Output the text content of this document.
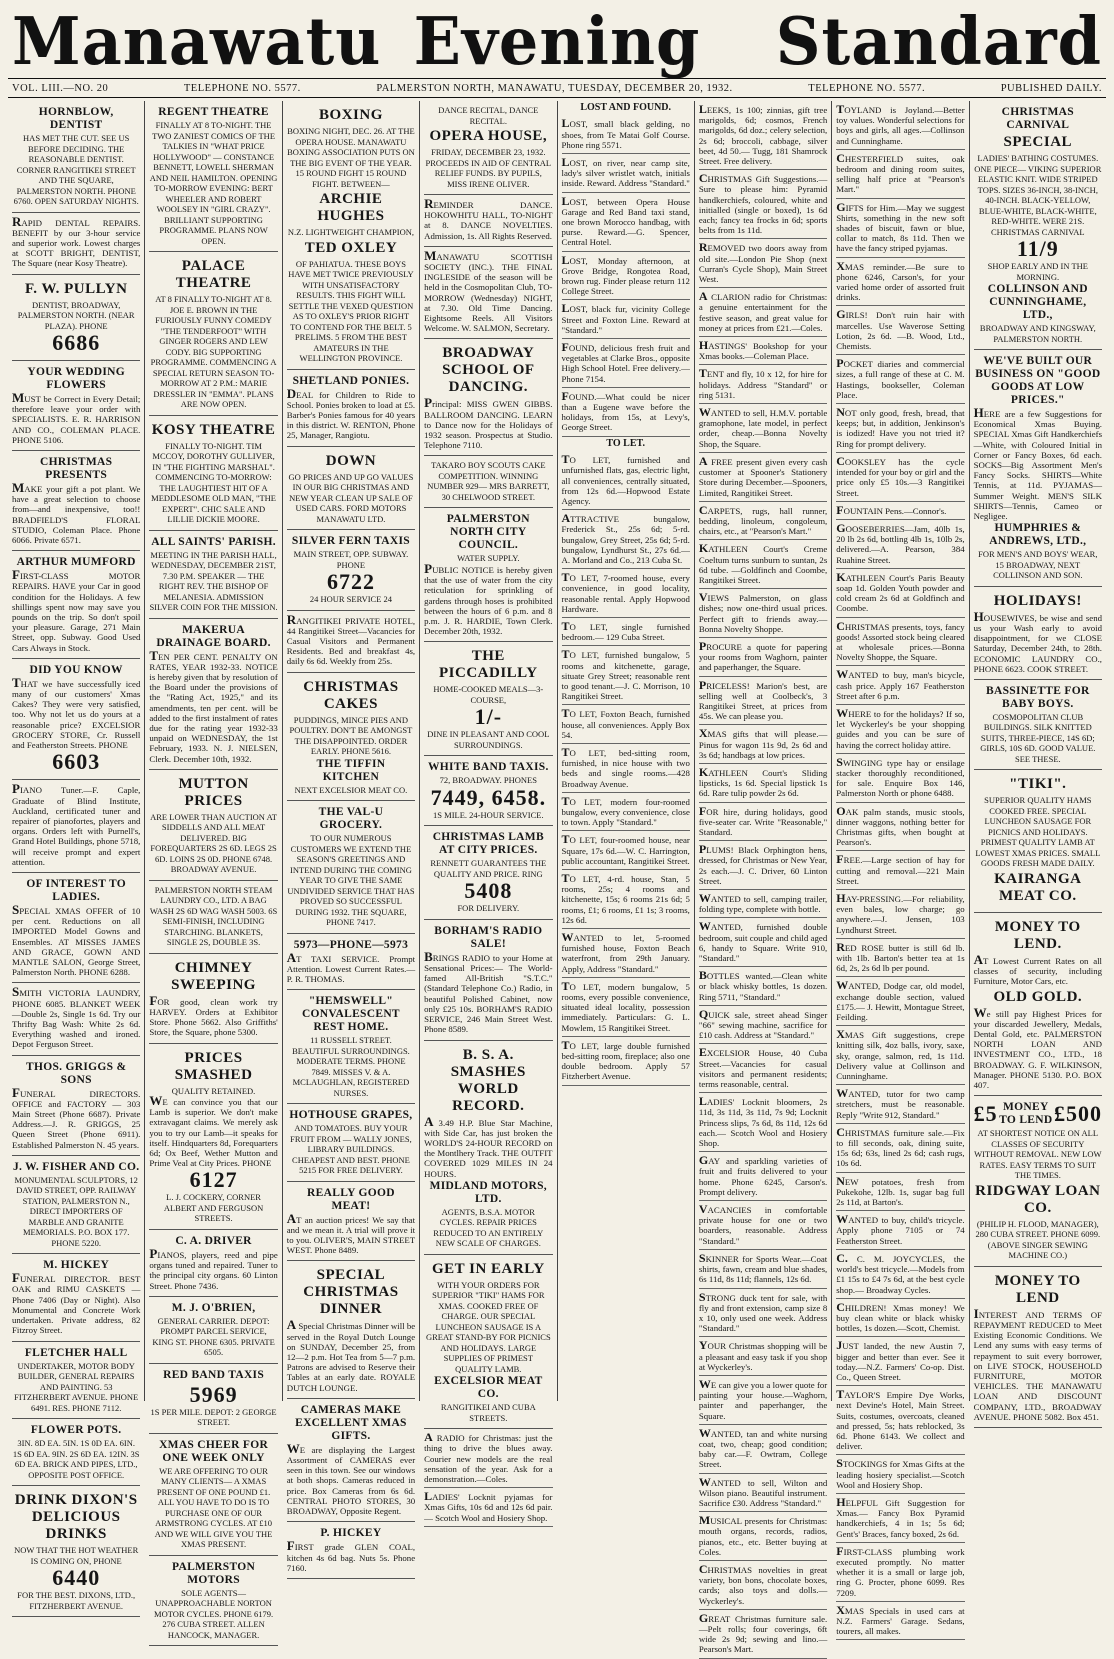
Manawatu Evening Standard
VOL. LIII.—NO. 20	TELEPHONE NO. 5577.	PALMERSTON NORTH, MANAWATU, TUESDAY, DECEMBER 20, 1932.	TELEPHONE NO. 5577.	PUBLISHED DAILY.
HORNBLOW, DENTIST
HAS MET THE CUT. SEE US BEFORE DECIDING. THE REASONABLE DENTIST. CORNER RANGITIKEI STREET AND THE SQUARE, PALMERSTON NORTH. PHONE 6760. OPEN SATURDAY NIGHTS.
RAPID DENTAL REPAIRS. BENEFIT by our 3-hour service and superior work. Lowest charges at SCOTT BRIGHT, DENTIST, The Square (near Kosy Theatre).
F. W. PULLYN
DENTIST, BROADWAY, PALMERSTON NORTH. (NEAR PLAZA). PHONE
6686
YOUR WEDDING FLOWERS
MUST be Correct in Every Detail; therefore leave your order with SPECIALISTS. E. R. HARRISON AND CO., COLEMAN PLACE. PHONE 5106.
CHRISTMAS PRESENTS
MAKE your gift a pot plant. We have a great selection to choose from—and inexpensive, too!! BRADFIELD'S FLORAL STUDIO, Coleman Place. Phone 6066. Private 6571.
ARTHUR MUMFORD
FIRST-CLASS MOTOR REPAIRS. HAVE your Car in good condition for the Holidays. A few shillings spent now may save you pounds on the trip. So don't spoil your pleasure. Garage, 271 Main Street, opp. Subway. Good Used Cars Always in Stock.
DID YOU KNOW
THAT we have successfully iced many of our customers' Xmas Cakes? They were very satisfied, too. Why not let us do yours at a reasonable price? EXCELSIOR GROCERY STORE, Cr. Russell and Featherston Streets. PHONE
6603
PIANO Tuner.—F. Caple, Graduate of Blind Institute, Auckland, certificated tuner and repairer of pianofortes, players and organs. Orders left with Purnell's, Grand Hotel Buildings, phone 5718, will receive prompt and expert attention.
OF INTEREST TO LADIES.
SPECIAL XMAS OFFER of 10 per cent. Reductions on all IMPORTED Model Gowns and Ensembles. AT MISSES JAMES AND GRACE, GOWN AND MANTLE SALON, George Street, Palmerston North. PHONE 6288.
SMITH VICTORIA LAUNDRY, PHONE 6085. BLANKET WEEK—Double 2s, Single 1s 6d. Try our Thrifty Bag Wash: White 2s 6d. Everything washed and ironed. Depot Ferguson Street.
THOS. GRIGGS & SONS
FUNERAL DIRECTORS. OFFICE and FACTORY — 303 Main Street (Phone 6687). Private Address.—J. R. GRIGGS, 25 Queen Street (Phone 6911). Established Palmerston N. 45 years.
J. W. FISHER AND CO.
MONUMENTAL SCULPTORS, 12 DAVID STREET, OPP. RAILWAY STATION, PALMERSTON N., DIRECT IMPORTERS OF MARBLE AND GRANITE MEMORIALS. P.O. BOX 177. PHONE 5220.
M. HICKEY
FUNERAL DIRECTOR. BEST OAK and RIMU CASKETS — Phone 7406 (Day or Night). Also Monumental and Concrete Work undertaken. Private address, 82 Fitzroy Street.
FLETCHER HALL
UNDERTAKER, MOTOR BODY BUILDER, GENERAL REPAIRS AND PAINTING. 53 FITZHERBERT AVENUE. PHONE 6491. RES. PHONE 7112.
FLOWER POTS.
3IN. 8D EA. 5IN. 1S 0D EA. 6IN. 1S 6D EA. 9IN. 2S 6D EA. 12IN. 3S 6D EA. BRICK AND PIPES, LTD., OPPOSITE POST OFFICE.
DRINK DIXON'S DELICIOUS DRINKS
NOW THAT THE HOT WEATHER IS COMING ON, PHONE
6440
FOR THE BEST. DIXONS, LTD., FITZHERBERT AVENUE.
REGENT THEATRE
FINALLY AT 8 TO-NIGHT. THE TWO ZANIEST COMICS OF THE TALKIES IN "WHAT PRICE HOLLYWOOD" — CONSTANCE BENNETT, LOWELL SHERMAN AND NEIL HAMILTON. OPENING TO-MORROW EVENING: BERT WHEELER AND ROBERT WOOLSEY IN "GIRL CRAZY". BRILLIANT SUPPORTING PROGRAMME. PLANS NOW OPEN.
PALACE THEATRE
AT 8 FINALLY TO-NIGHT AT 8. JOE E. BROWN IN THE FURIOUSLY FUNNY COMEDY "THE TENDERFOOT" WITH GINGER ROGERS AND LEW CODY. BIG SUPPORTING PROGRAMME. COMMENCING A SPECIAL RETURN SEASON TO-MORROW AT 2 P.M.: MARIE DRESSLER IN "EMMA". PLANS ARE NOW OPEN.
KOSY THEATRE
FINALLY TO-NIGHT. TIM MCCOY, DOROTHY GULLIVER, IN "THE FIGHTING MARSHAL". COMMENCING TO-MORROW: THE LAUGHTIEST HIT OF A MEDDLESOME OLD MAN, "THE EXPERT". CHIC SALE AND LILLIE DICKIE MOORE.
ALL SAINTS' PARISH.
MEETING IN THE PARISH HALL, WEDNESDAY, DECEMBER 21ST, 7.30 P.M. SPEAKER — THE RIGHT REV. THE BISHOP OF MELANESIA. ADMISSION SILVER COIN FOR THE MISSION.
MAKERUA DRAINAGE BOARD.
TEN PER CENT. PENALTY ON RATES, YEAR 1932-33. NOTICE is hereby given that by resolution of the Board under the provisions of the "Rating Act, 1925," and its amendments, ten per cent. will be added to the first instalment of rates due for the rating year 1932-33 unpaid on WEDNESDAY, the 1st February, 1933. N. J. NIELSEN, Clerk. December 10th, 1932.
MUTTON PRICES
ARE LOWER THAN AUCTION AT SIDDELLS AND ALL MEAT DELIVERED. BIG FOREQUARTERS 2S 6D. LEGS 2S 6D. LOINS 2S 0D. PHONE 6748. BROADWAY AVENUE.
PALMERSTON NORTH STEAM LAUNDRY CO., LTD. A BAG WASH 2S 6D WAG WASH 5003. 6S SEMI-FINISH, INCLUDING STARCHING. BLANKETS, SINGLE 2S, DOUBLE 3S.
CHIMNEY SWEEPING
FOR good, clean work try HARVEY. Orders at Exhibitor Store. Phone 5662. Also Griffiths' Store, the Square, phone 5300.
PRICES SMASHED
QUALITY RETAINED.
WE can convince you that our Lamb is superior. We don't make extravagant claims. We merely ask you to try our Lamb—it speaks for itself. Hindquarters 8d, Forequarters 6d; Ox Beef, Wether Mutton and Prime Veal at City Prices. PHONE
6127
L. J. COCKERY, CORNER ALBERT AND FERGUSON STREETS.
C. A. DRIVER
PIANOS, players, reed and pipe organs tuned and repaired. Tuner to the principal city organs. 60 Linton Street. Phone 7436.
M. J. O'BRIEN,
GENERAL CARRIER. DEPOT: PROMPT PARCEL SERVICE, KING ST. PHONE 6305. PRIVATE 6505.
RED BAND TAXIS
5969
1S PER MILE. DEPOT: 2 GEORGE STREET.
XMAS CHEER FOR ONE WEEK ONLY
WE ARE OFFERING TO OUR MANY CLIENTS— A XMAS PRESENT OF ONE POUND £1. ALL YOU HAVE TO DO IS TO PURCHASE ONE OF OUR ARMSTRONG CYCLES. AT £10 AND WE WILL GIVE YOU THE XMAS PRESENT.
PALMERSTON MOTORS
SOLE AGENTS— UNAPPROACHABLE NORTON MOTOR CYCLES. PHONE 6179. 276 CUBA STREET. ALLEN HANCOCK, MANAGER.
BOXING
BOXING NIGHT, DEC. 26. AT THE OPERA HOUSE. MANAWATU BOXING ASSOCIATION PUTS ON THE BIG EVENT OF THE YEAR. 15 ROUND FIGHT 15 ROUND FIGHT. BETWEEN—
ARCHIE HUGHES
N.Z. LIGHTWEIGHT CHAMPION,
TED OXLEY
OF PAHIATUA. THESE BOYS HAVE MET TWICE PREVIOUSLY WITH UNSATISFACTORY RESULTS. THIS FIGHT WILL SETTLE THE VEXED QUESTION AS TO OXLEY'S PRIOR RIGHT TO CONTEND FOR THE BELT. 5 PRELIMS. 5 FROM THE BEST AMATEURS IN THE WELLINGTON PROVINCE.
SHETLAND PONIES.
DEAL for Children to Ride to School. Ponies broken to load at £5. Barber's Ponies famous for 40 years in this district. W. RENTON, Phone 25, Manager, Rangiotu.
DOWN
GO PRICES AND UP GO VALUES IN OUR BIG CHRISTMAS AND NEW YEAR CLEAN UP SALE OF USED CARS. FORD MOTORS MANAWATU LTD.
SILVER FERN TAXIS
MAIN STREET, OPP. SUBWAY. PHONE
6722
24 HOUR SERVICE 24
RANGITIKEI PRIVATE HOTEL, 44 Rangitikei Street—Vacancies for Casual Visitors and Permanent Residents. Bed and breakfast 4s, daily 6s 6d. Weekly from 25s.
CHRISTMAS CAKES
PUDDINGS, MINCE PIES AND POULTRY. DON'T BE AMONGST THE DISAPPOINTED. ORDER EARLY. PHONE 5616.
THE TIFFIN KITCHEN
NEXT EXCELSIOR MEAT CO.
THE VAL-U GROCERY.
TO OUR NUMEROUS CUSTOMERS WE EXTEND THE SEASON'S GREETINGS AND INTEND DURING THE COMING YEAR TO GIVE THE SAME UNDIVIDED SERVICE THAT HAS PROVED SO SUCCESSFUL DURING 1932. THE SQUARE, PHONE 7417.
5973—PHONE—5973
AT TAXI SERVICE. Prompt Attention. Lowest Current Rates.—P. R. THOMAS.
"HEMSWELL" CONVALESCENT REST HOME.
11 RUSSELL STREET. BEAUTIFUL SURROUNDINGS. MODERATE TERMS. PHONE 7849. MISSES V. & A. MCLAUGHLAN, REGISTERED NURSES.
HOTHOUSE GRAPES,
AND TOMATOES. BUY YOUR FRUIT FROM — WALLY JONES, LIBRARY BUILDINGS. CHEAPEST AND BEST. PHONE 5215 FOR FREE DELIVERY.
REALLY GOOD MEAT!
AT an auction prices! We say that and we mean it. A trial will prove it to you. OLIVER'S, MAIN STREET WEST. Phone 8489.
SPECIAL CHRISTMAS DINNER
A Special Christmas Dinner will be served in the Royal Dutch Lounge on SUNDAY, December 25, from 12—2 p.m. Hot Tea from 5—7 p.m. Patrons are advised to Reserve their Tables at an early date. ROYALE DUTCH LOUNGE.
CAMERAS MAKE EXCELLENT XMAS GIFTS.
WE are displaying the Largest Assortment of CAMERAS ever seen in this town. See our windows at both shops. Cameras reduced in price. Box Cameras from 6s 6d. CENTRAL PHOTO STORES, 30 BROADWAY, Opposite Regent.
P. HICKEY
FIRST grade GLEN COAL, kitchen 4s 6d bag. Nuts 5s. Phone 7160.
DANCE RECITAL, DANCE RECITAL.
OPERA HOUSE,
FRIDAY, DECEMBER 23, 1932. PROCEEDS IN AID OF CENTRAL RELIEF FUNDS. BY PUPILS, MISS IRENE OLIVER.
REMINDER DANCE. HOKOWHITU HALL, TO-NIGHT at 8. DANCE NOVELTIES. Admission, 1s. All Rights Reserved.
MANAWATU SCOTTISH SOCIETY (INC.). THE FINAL INGLESIDE of the season will be held in the Cosmopolitan Club, TO-MORROW (Wednesday) NIGHT, at 7.30. Old Time Dancing. Eightsome Reels. All Visitors Welcome. W. SALMON, Secretary.
BROADWAY SCHOOL OF DANCING.
Principal: MISS GWEN GIBBS. BALLROOM DANCING. LEARN to Dance now for the Holidays of 1932 season. Prospectus at Studio. Telephone 7110.
TAKARO BOY SCOUTS CAKE COMPETITION. WINNING NUMBER 929— MRS BARRETT, 30 CHELWOOD STREET.
PALMERSTON NORTH CITY COUNCIL.
WATER SUPPLY.
PUBLIC NOTICE is hereby given that the use of water from the city reticulation for sprinkling of gardens through hoses is prohibited between the hours of 6 p.m. and 8 p.m. J. R. HARDIE, Town Clerk. December 20th, 1932.
THE PICCADILLY
HOME-COOKED MEALS—3-COURSE,
1/-
DINE IN PLEASANT AND COOL SURROUNDINGS.
WHITE BAND TAXIS.
72, BROADWAY. PHONES
7449, 6458.
1S MILE. 24-HOUR SERVICE.
CHRISTMAS LAMB AT CITY PRICES.
RENNETT GUARANTEES THE QUALITY AND PRICE. RING
5408
FOR DELIVERY.
BORHAM'S RADIO SALE!
BRINGS RADIO to your Home at Sensational Prices:— The World-famed All-British "S.T.C." (Standard Telephone Co.) Radio, in beautiful Polished Cabinet, now only £25 10s. BORHAM'S RADIO SERVICE, 246 Main Street West. Phone 8589.
B. S. A. SMASHES WORLD RECORD.
A 3.49 H.P. Blue Star Machine, with Side Car, has just broken the WORLD'S 24-HOUR RECORD on the Montlhery Track. THE OUTFIT COVERED 1029 MILES IN 24 HOURS.
MIDLAND MOTORS, LTD.
AGENTS, B.S.A. MOTOR CYCLES. REPAIR PRICES REDUCED TO AN ENTIRELY NEW SCALE OF CHARGES.
GET IN EARLY
WITH YOUR ORDERS FOR SUPERIOR "TIKI" HAMS FOR XMAS. COOKED FREE OF CHARGE. OUR SPECIAL LUNCHEON SAUSAGE IS A GREAT STAND-BY FOR PICNICS AND HOLIDAYS. LARGE SUPPLIES OF PRIMEST QUALITY LAMB.
EXCELSIOR MEAT CO.
RANGITIKEI AND CUBA STREETS.
A RADIO for Christmas: just the thing to drive the blues away. Courier new models are the real sensation of the year. Ask for a demonstration.—Coles.
LADIES' Locknit pyjamas for Xmas Gifts, 10s 6d and 12s 6d pair.— Scotch Wool and Hosiery Shop.
LOST AND FOUND.
LOST, small black gelding, no shoes, from Te Matai Golf Course. Phone ring 5571.
LOST, on river, near camp site, lady's silver wristlet watch, initials inside. Reward. Address "Standard."
LOST, between Opera House Garage and Red Band taxi stand, one brown Morocco handbag, with purse. Reward.—G. Spencer, Central Hotel.
LOST, Monday afternoon, at Grove Bridge, Rongotea Road, brown rug. Finder please return 112 College Street.
LOST, black fur, vicinity College Street and Foxton Line. Reward at "Standard."
FOUND, delicious fresh fruit and vegetables at Clarke Bros., opposite High School Hotel. Free delivery.— Phone 7154.
FOUND.—What could be nicer than a Eugene wave before the holidays, from 15s, at Levy's, George Street.
TO LET.
TO LET, furnished and unfurnished flats, gas, electric light, all conveniences, centrally situated, from 12s 6d.—Hopwood Estate Agency.
ATTRACTIVE bungalow, Frederick St., 25s 6d; 5-rd. bungalow, Grey Street, 25s 6d; 5-rd. bungalow, Lyndhurst St., 27s 6d.—A. Morland and Co., 213 Cuba St.
TO LET, 7-roomed house, every convenience, in good locality, reasonable rental. Apply Hopwood Hardware.
TO LET, single furnished bedroom.— 129 Cuba Street.
TO LET, furnished bungalow, 5 rooms and kitchenette, garage, situate Grey Street; reasonable rent to good tenant.—J. C. Morrison, 10 Rangitikei Street.
TO LET, Foxton Beach, furnished house, all conveniences. Apply Box 54.
TO LET, bed-sitting room, furnished, in nice house with two beds and single rooms.—428 Broadway Avenue.
TO LET, modern four-roomed bungalow, every convenience, close to town. Apply "Standard."
TO LET, four-roomed house, near Square, 17s 6d.—W. C. Harrington, public accountant, Rangitikei Street.
TO LET, 4-rd. house, Stan, 5 rooms, 25s; 4 rooms and kitchenette, 15s; 6 rooms 21s 6d; 5 rooms, £1; 6 rooms, £1 1s; 3 rooms, 12s 6d.
WANTED to let, 5-roomed furnished house, Foxton Beach waterfront, from 29th January. Apply, Address "Standard."
TO LET, modern bungalow, 5 rooms, every possible convenience, situated ideal locality, possession immediately. Particulars: G. L. Mowlem, 15 Rangitikei Street.
TO LET, large double furnished bed-sitting room, fireplace; also one double bedroom. Apply 57 Fitzherbert Avenue.
LEEKS, 1s 100; zinnias, gift tree marigolds, 6d; cosmos, French marigolds, 6d doz.; celery selection, 2s 6d; broccoli, cabbage, silver beet, 4d 50.— Tugg, 181 Shamrock Street. Free delivery.
CHRISTMAS Gift Suggestions.—Sure to please him: Pyramid handkerchiefs, coloured, white and initialled (single or boxed), 1s 6d each; fancy tea frocks in 6d; sports belts from 1s 11d.
REMOVED two doors away from old site.—London Pie Shop (next Curran's Cycle Shop), Main Street West.
A CLARION radio for Christmas: a genuine entertainment for the festive season, and great value for money at prices from £21.—Coles.
HASTINGS' Bookshop for your Xmas books.—Coleman Place.
TENT and fly, 10 x 12, for hire for holidays. Address "Standard" or ring 5131.
WANTED to sell, H.M.V. portable gramophone, late model, in perfect order, cheap.—Bonna Novelty Shop, the Square.
A FREE present given every cash customer at Spooner's Stationery Store during December.—Spooners, Limited, Rangitikei Street.
CARPETS, rugs, hall runner, bedding, linoleum, congoleum, chairs, etc., at "Pearson's Mart."
KATHLEEN Court's Creme Coeltum turns sunburn to suntan, 2s 6d tube. —Goldfinch and Coombe, Rangitikei Street.
VIEWS Palmerston, on glass dishes; now one-third usual prices. Perfect gift to friends away.—Bonna Novelty Shoppe.
PROCURE a quote for papering your rooms from Waghorn, painter and paperhanger, the Square.
PRICELESS! Marion's best, are selling well at Coolbeck's, 3 Rangitikei Street, at prices from 45s. We can please you.
XMAS gifts that will please.—Pinus for wagon 11s 9d, 2s 6d and 3s 6d; handbags at low prices.
KATHLEEN Court's Sliding lipsticks, 1s 6d. Special lipstick 1s 6d. Rare tulip powder 2s 6d.
FOR hire, during holidays, good five-seater car. Write "Reasonable," Standard.
PLUMS! Black Orphington hens, dressed, for Christmas or New Year, 2s each.—J. C. Driver, 60 Linton Street.
WANTED to sell, camping trailer, folding type, complete with bottle.
WANTED, furnished double bedroom, suit couple and child aged 6, handy to Square. Write 910, "Standard."
BOTTLES wanted.—Clean white or black whisky bottles, 1s dozen. Ring 5711, "Standard."
QUICK sale, street ahead Singer "66" sewing machine, sacrifice for £10 cash. Address at "Standard."
EXCELSIOR House, 40 Cuba Street.—Vacancies for casual visitors and permanent residents; terms reasonable, central.
LADIES' Locknit bloomers, 2s 11d, 3s 11d, 3s 11d, 7s 9d; Locknit Princess slips, 7s 6d, 8s 11d, 12s 6d each.— Scotch Wool and Hosiery Shop.
GAY and sparkling varieties of fruit and fruits delivered to your home. Phone 6245, Carson's. Prompt delivery.
VACANCIES in comfortable private house for one or two boarders, reasonable. Address "Standard."
SKINNER for Sports Wear.—Coat shirts, fawn, cream and blue shades, 6s 11d, 8s 11d; flannels, 12s 6d.
STRONG duck tent for sale, with fly and front extension, camp size 8 x 10, only used one week. Address "Standard."
YOUR Christmas shopping will be a pleasant and easy task if you shop at Wyckerley's.
WE can give you a lower quote for painting your house.—Waghorn, painter and paperhanger, the Square.
WANTED, tan and white nursing coat, two, cheap; good condition; baby car.—F. Owtram, College Street.
WANTED to sell, Wilton and Wilson piano. Beautiful instrument. Sacrifice £30. Address "Standard."
MUSICAL presents for Christmas: mouth organs, records, radios, pianos, etc., etc. Better buying at Coles.
CHRISTMAS novelties in great variety, bon bons, chocolate boxes, cards; also toys and dolls.—Wyckerley's.
GREAT Christmas furniture sale.—Pelt rolls; four coverings, 6ft wide 2s 9d; sewing and lino.—Pearson's Mart.
TOYLAND is Joyland.—Better toy values. Wonderful selections for boys and girls, all ages.—Collinson and Cunninghame.
CHESTERFIELD suites, oak bedroom and dining room suites, selling half price at "Pearson's Mart."
GIFTS for Him.—May we suggest Shirts, something in the new soft shades of biscuit, fawn or blue, collar to match, 8s 11d. Then we have the fancy striped pyjamas.
XMAS reminder.—Be sure to phone 6246, Carson's, for your varied home order of assorted fruit drinks.
GIRLS! Don't ruin hair with marcelles. Use Waverose Setting Lotion, 2s 6d. —B. Wood, Ltd., Chemists.
POCKET diaries and commercial sizes, a full range of these at C. M. Hastings, bookseller, Coleman Place.
NOT only good, fresh, bread, that keeps; but, in addition, Jenkinson's is iodized! Have you not tried it? Ring for prompt delivery.
COOKSLEY has the cycle intended for your boy or girl and the price only £5 10s.—3 Rangitikei Street.
FOUNTAIN Pens.—Connor's.
GOOSEBERRIES—Jam, 40lb 1s, 20 lb 2s 6d, bottling 4lb 1s, 10lb 2s, delivered.—A. Pearson, 384 Ruahine Street.
KATHLEEN Court's Paris Beauty soap 1d. Golden Youth powder and cold cream 2s 6d at Goldfinch and Coombe.
CHRISTMAS presents, toys, fancy goods! Assorted stock being cleared at wholesale prices.—Bonna Novelty Shoppe, the Square.
WANTED to buy, man's bicycle, cash price. Apply 167 Featherston Street after 6 p.m.
WHERE to for the holidays? If so, let Wyckerley's be your shopping guides and you can be sure of having the correct holiday attire.
SWINGING type hay or ensilage stacker thoroughly reconditioned, for sale. Enquire Box 146, Palmerston North or phone 6488.
OAK palm stands, music stools, dinner waggons, nothing better for Christmas gifts, when bought at Pearson's.
FREE.—Large section of hay for cutting and removal.—221 Main Street.
HAY-PRESSING.—For reliability, even bales, low charge; go anywhere.—J. Jensen, 103 Lyndhurst Street.
RED ROSE butter is still 6d lb. with 1lb. Barton's better tea at 1s 6d, 2s, 2s 6d lb per pound.
WANTED, Dodge car, old model, exchange double section, valued £175.— J. Hewitt, Montague Street, Feilding.
XMAS Gift suggestions, crepe knitting silk, 4oz balls, ivory, saxe, sky, orange, salmon, red, 1s 11d. Delivery value at Collinson and Cunninghame.
WANTED, tutor for two camp stretchers, must be reasonable. Reply "Write 912, Standard."
CHRISTMAS furniture sale.—Fix to fill seconds, oak, dining suite, 15s 6d; 63s, lined 2s 6d; cash rugs, 10s 6d.
NEW potatoes, fresh from Pukekohe, 12lb. 1s, sugar bag full 2s 11d, at Barton's.
WANTED to buy, child's tricycle. Apply phone 7105 or 74 Featherston Street.
C. C. M. JOYCYCLES, the world's best tricycle.—Models from £1 15s to £4 7s 6d, at the best cycle shop.— Broadway Cycles.
CHILDREN! Xmas money! We buy clean white or black whisky bottles, 1s dozen.—Scott, Chemist.
JUST landed, the new Austin 7, bigger and better than ever. See it today.—N.Z. Farmers' Co-op. Dist. Co., Queen Street.
TAYLOR'S Empire Dye Works, next Devine's Hotel, Main Street. Suits, costumes, overcoats, cleaned and pressed, 5s; hats reblocked, 3s 6d. Phone 6143. We collect and deliver.
STOCKINGS for Xmas Gifts at the leading hosiery specialist.—Scotch Wool and Hosiery Shop.
HELPFUL Gift Suggestion for Xmas.— Fancy Box Pyramid handkerchiefs, 4 in 1s; 5s 6d; Gent's' Braces, fancy boxed, 2s 6d.
FIRST-CLASS plumbing work executed promptly. No matter whether it is a small or large job, ring G. Procter, phone 6099. Res 7209.
XMAS Specials in used cars at N.Z. Farmers' Garage. Sedans, tourers, all makes.
CHRISTMAS CARNIVAL
SPECIAL
LADIES' BATHING COSTUMES. ONE PIECE— VIKING SUPERIOR ELASTIC KNIT. WIDE STRIPED TOPS. SIZES 36-INCH, 38-INCH, 40-INCH. BLACK-YELLOW, BLUE-WHITE, BLACK-WHITE, RED-WHITE. WERE 21S.
CHRISTMAS CARNIVAL
11/9
SHOP EARLY AND IN THE MORNING.
COLLINSON AND CUNNINGHAME, LTD.,
BROADWAY AND KINGSWAY, PALMERSTON NORTH.
WE'VE BUILT OUR BUSINESS ON "GOOD GOODS AT LOW PRICES."
HERE are a few Suggestions for Economical Xmas Buying. SPECIAL Xmas Gift Handkerchiefs—White, with Coloured Initial in Corner or Fancy Boxes, 6d each. SOCKS—Big Assortment Men's Fancy Socks. SHIRTS—White Tennis, at 11d. PYJAMAS—Summer Weight. MEN'S SILK SHIRTS—Tennis, Cameo or Negligee.
HUMPHRIES & ANDREWS, LTD.,
FOR MEN'S AND BOYS' WEAR, 15 BROADWAY, NEXT COLLINSON AND SON.
HOLIDAYS!
HOUSEWIVES, be wise and send us your Wash early to avoid disappointment, for we CLOSE Saturday, December 24th, to 28th. ECONOMIC LAUNDRY CO., PHONE 6623. COOK STREET.
BASSINETTE FOR BABY BOYS.
COSMOPOLITAN CLUB BUILDINGS. SILK KNITTED SUITS, THREE-PIECE, 14S 6D; GIRLS, 10S 6D. GOOD VALUE. SEE THESE.
"TIKI".
SUPERIOR QUALITY HAMS COOKED FREE. SPECIAL LUNCHEON SAUSAGE FOR PICNICS AND HOLIDAYS. PRIMEST QUALITY LAMB AT LOWEST XMAS PRICES. SMALL GOODS FRESH MADE DAILY.
KAIRANGA MEAT CO.
MONEY TO LEND.
AT Lowest Current Rates on all classes of security, including Furniture, Motor Cars, etc.
OLD GOLD.
We still pay Highest Prices for your discarded Jewellery, Medals, Dental Gold, etc. PALMERSTON NORTH LOAN AND INVESTMENT CO., LTD., 18 BROADWAY. G. F. WILKINSON, Manager. PHONE 5130. P.O. BOX 407.
£5 MONEY TO LEND £500
AT SHORTEST NOTICE ON ALL CLASSES OF SECURITY WITHOUT REMOVAL. NEW LOW RATES. EASY TERMS TO SUIT THE TIMES.
RIDGWAY LOAN CO.
(PHILIP H. FLOOD, MANAGER), 280 CUBA STREET. PHONE 6099. (ABOVE SINGER SEWING MACHINE CO.)
MONEY TO LEND
INTEREST AND TERMS OF REPAYMENT REDUCED to Meet Existing Economic Conditions. We Lend any sums with easy terms of repayment to suit every borrower, on LIVE STOCK, HOUSEHOLD FURNITURE, MOTOR VEHICLES. THE MANAWATU LOAN AND DISCOUNT COMPANY, LTD., BROADWAY AVENUE. PHONE 5082. Box 451.
